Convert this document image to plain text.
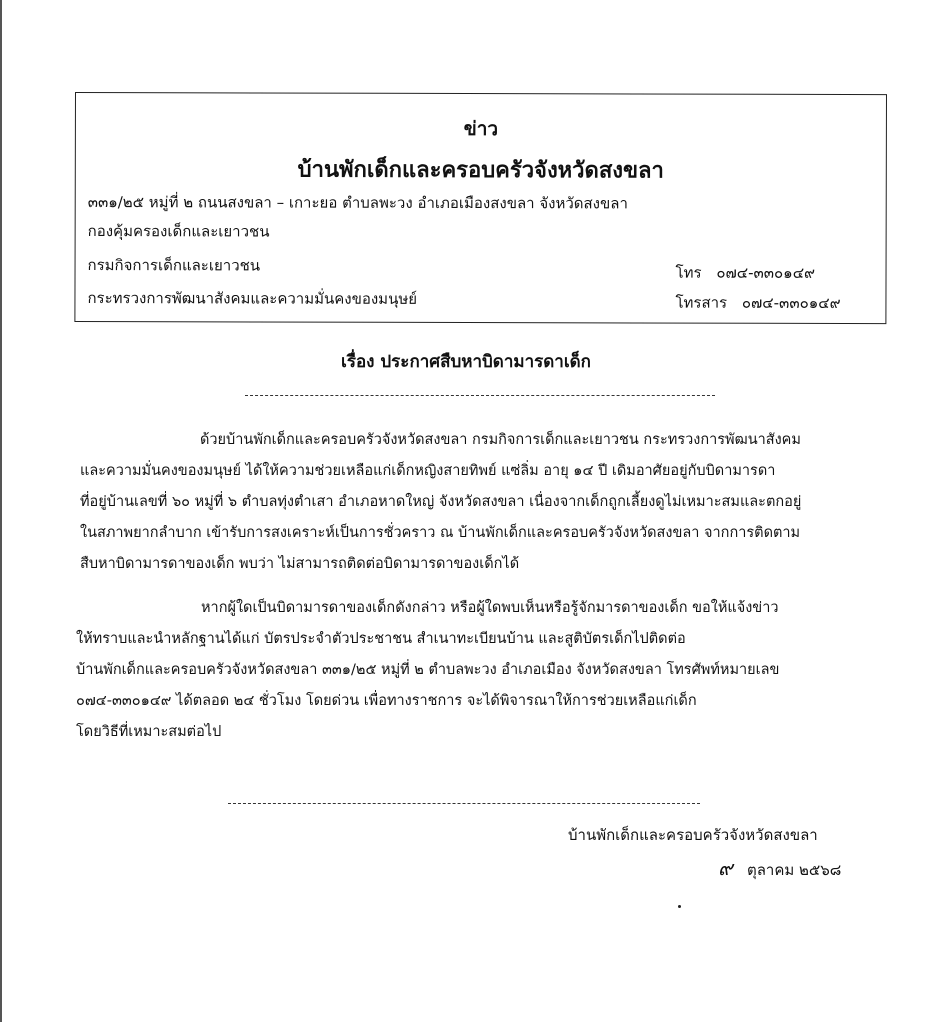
ข่าว
บ้านพักเด็กและครอบครัวจังหวัดสงขลา
๓๓๑/๒๕ หมู่ที่ ๒ ถนนสงขลา – เกาะยอ ตำบลพะวง อำเภอเมืองสงขลา จังหวัดสงขลา
กองคุ้มครองเด็กและเยาวชน
กรมกิจการเด็กและเยาวชน
กระทรวงการพัฒนาสังคมและความมั่นคงของมนุษย์
โทร ๐๗๔-๓๓๐๑๔๙
โทรสาร ๐๗๔-๓๓๐๑๔๙
เรื่อง ประกาศสืบหาบิดามารดาเด็ก
ด้วยบ้านพักเด็กและครอบครัวจังหวัดสงขลา กรมกิจการเด็กและเยาวชน กระทรวงการพัฒนาสังคม
และความมั่นคงของมนุษย์ ได้ให้ความช่วยเหลือแก่เด็กหญิงสายทิพย์ แซ่ลิ่ม อายุ ๑๔ ปี เดิมอาศัยอยู่กับบิดามารดา
ที่อยู่บ้านเลขที่ ๖๐ หมู่ที่ ๖ ตำบลทุ่งตำเสา อำเภอหาดใหญ่ จังหวัดสงขลา เนื่องจากเด็กถูกเลี้ยงดูไม่เหมาะสมและตกอยู่
ในสภาพยากลำบาก เข้ารับการสงเคราะห์เป็นการชั่วคราว ณ บ้านพักเด็กและครอบครัวจังหวัดสงขลา จากการติดตาม
สืบหาบิดามารดาของเด็ก พบว่า ไม่สามารถติดต่อบิดามารดาของเด็กได้
หากผู้ใดเป็นบิดามารดาของเด็กดังกล่าว หรือผู้ใดพบเห็นหรือรู้จักมารดาของเด็ก ขอให้แจ้งข่าว
ให้ทราบและนำหลักฐานได้แก่ บัตรประจำตัวประชาชน สำเนาทะเบียนบ้าน และสูติบัตรเด็กไปติดต่อ
บ้านพักเด็กและครอบครัวจังหวัดสงขลา ๓๓๑/๒๕ หมู่ที่ ๒ ตำบลพะวง อำเภอเมือง จังหวัดสงขลา โทรศัพท์หมายเลข
๐๗๔-๓๓๐๑๔๙ ได้ตลอด ๒๔ ชั่วโมง โดยด่วน เพื่อทางราชการ จะได้พิจารณาให้การช่วยเหลือแก่เด็ก
โดยวิธีที่เหมาะสมต่อไป
บ้านพักเด็กและครอบครัวจังหวัดสงขลา
๙ ตุลาคม ๒๕๖๘
